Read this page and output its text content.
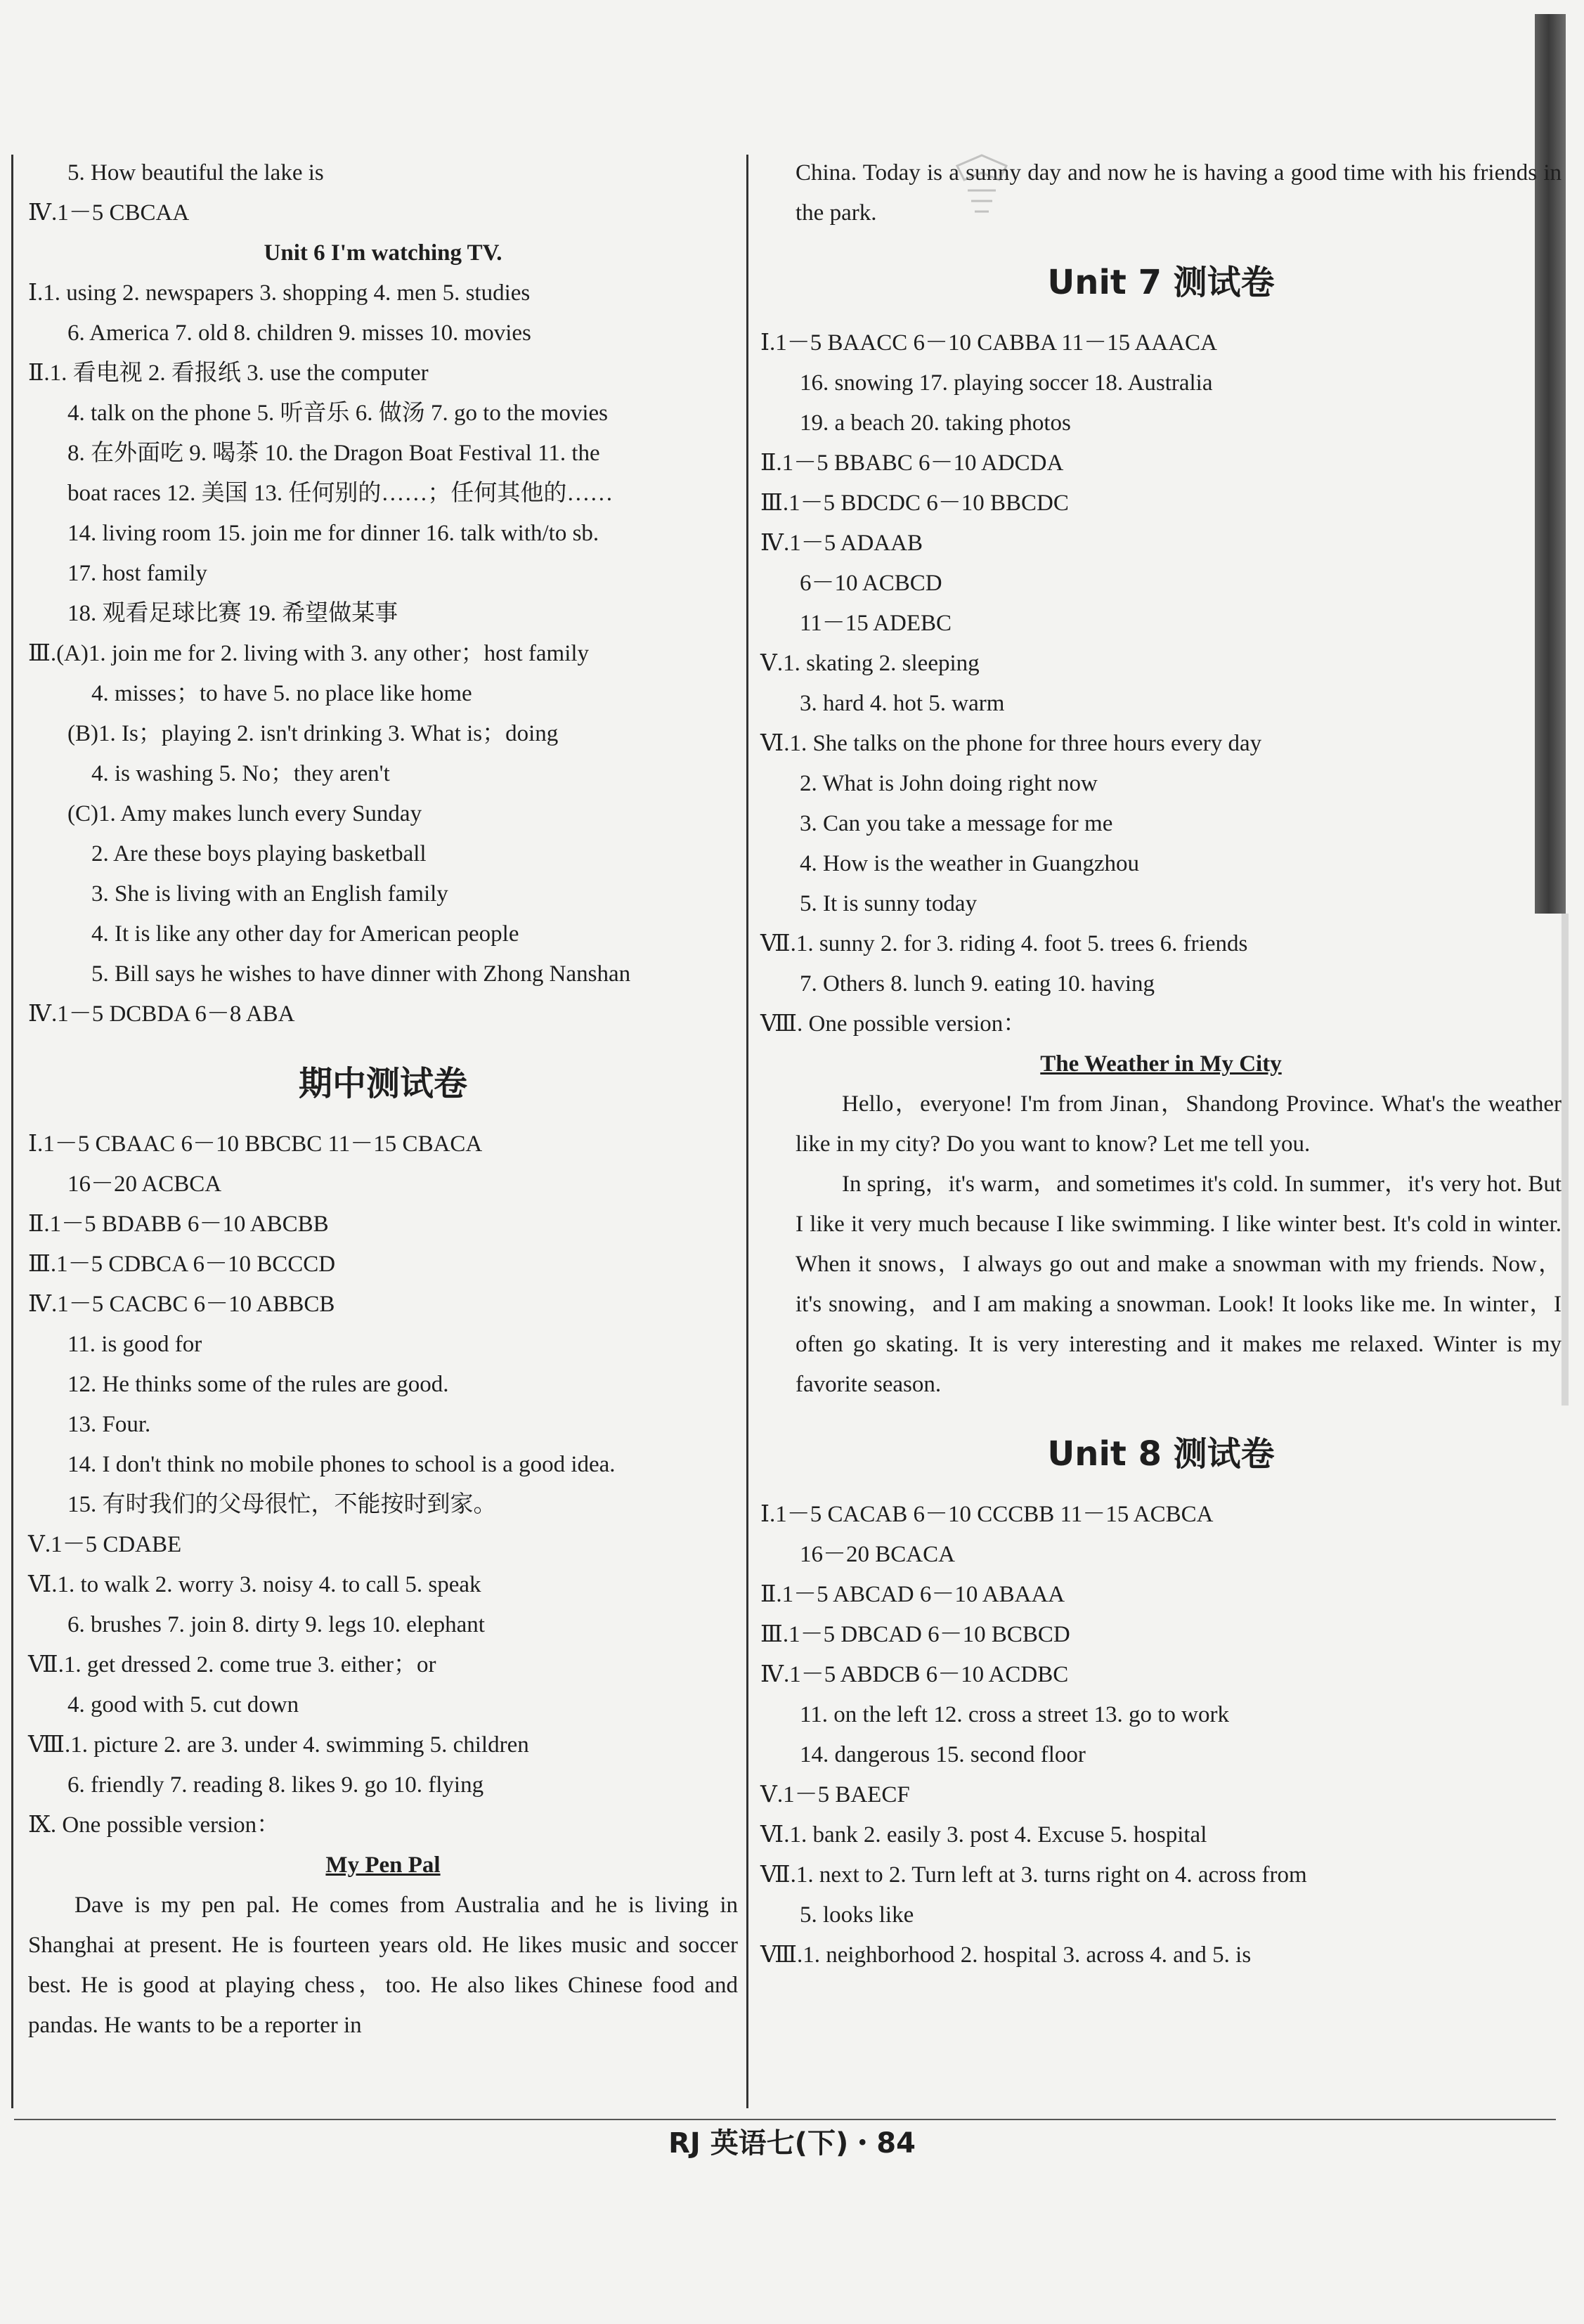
5. How beautiful the lake is
Ⅳ.1－5 CBCAA
Unit 6 I'm watching TV.
Ⅰ.1. using 2. newspapers 3. shopping 4. men 5. studies
6. America 7. old 8. children 9. misses 10. movies
Ⅱ.1. 看电视 2. 看报纸 3. use the computer
4. talk on the phone 5. 听音乐 6. 做汤 7. go to the movies
8. 在外面吃 9. 喝茶 10. the Dragon Boat Festival 11. the
boat races 12. 美国 13. 任何别的……；任何其他的……
14. living room 15. join me for dinner 16. talk with/to sb.
17. host family
18. 观看足球比赛 19. 希望做某事
Ⅲ.(A)1. join me for 2. living with 3. any other；host family
4. misses；to have 5. no place like home
(B)1. Is；playing 2. isn't drinking 3. What is；doing
4. is washing 5. No；they aren't
(C)1. Amy makes lunch every Sunday
2. Are these boys playing basketball
3. She is living with an English family
4. It is like any other day for American people
5. Bill says he wishes to have dinner with Zhong Nanshan
Ⅳ.1－5 DCBDA 6－8 ABA
期中测试卷
Ⅰ.1－5 CBAAC 6－10 BBCBC 11－15 CBACA
16－20 ACBCA
Ⅱ.1－5 BDABB 6－10 ABCBB
Ⅲ.1－5 CDBCA 6－10 BCCCD
Ⅳ.1－5 CACBC 6－10 ABBCB
11. is good for
12. He thinks some of the rules are good.
13. Four.
14. I don't think no mobile phones to school is a good idea.
15. 有时我们的父母很忙，不能按时到家。
Ⅴ.1－5 CDABE
Ⅵ.1. to walk 2. worry 3. noisy 4. to call 5. speak
6. brushes 7. join 8. dirty 9. legs 10. elephant
Ⅶ.1. get dressed 2. come true 3. either；or
4. good with 5. cut down
Ⅷ.1. picture 2. are 3. under 4. swimming 5. children
6. friendly 7. reading 8. likes 9. go 10. flying
Ⅸ. One possible version：
My Pen Pal
Dave is my pen pal. He comes from Australia and he is living in Shanghai at present. He is fourteen years old. He likes music and soccer best. He is good at playing chess，too. He also likes Chinese food and pandas. He wants to be a reporter in
China. Today is a sunny day and now he is having a good time with his friends in the park.
Unit 7 测试卷
Ⅰ.1－5 BAACC 6－10 CABBA 11－15 AAACA
16. snowing 17. playing soccer 18. Australia
19. a beach 20. taking photos
Ⅱ.1－5 BBABC 6－10 ADCDA
Ⅲ.1－5 BDCDC 6－10 BBCDC
Ⅳ.1－5 ADAAB
6－10 ACBCD
11－15 ADEBC
Ⅴ.1. skating 2. sleeping
3. hard 4. hot 5. warm
Ⅵ.1. She talks on the phone for three hours every day
2. What is John doing right now
3. Can you take a message for me
4. How is the weather in Guangzhou
5. It is sunny today
Ⅶ.1. sunny 2. for 3. riding 4. foot 5. trees 6. friends
7. Others 8. lunch 9. eating 10. having
Ⅷ. One possible version：
The Weather in My City
Hello，everyone! I'm from Jinan，Shandong Province. What's the weather like in my city? Do you want to know? Let me tell you.
In spring，it's warm，and sometimes it's cold. In summer，it's very hot. But I like it very much because I like swimming. I like winter best. It's cold in winter. When it snows，I always go out and make a snowman with my friends. Now，it's snowing，and I am making a snowman. Look! It looks like me. In winter，I often go skating. It is very interesting and it makes me relaxed. Winter is my favorite season.
Unit 8 测试卷
Ⅰ.1－5 CACAB 6－10 CCCBB 11－15 ACBCA
16－20 BCACA
Ⅱ.1－5 ABCAD 6－10 ABAAA
Ⅲ.1－5 DBCAD 6－10 BCBCD
Ⅳ.1－5 ABDCB 6－10 ACDBC
11. on the left 12. cross a street 13. go to work
14. dangerous 15. second floor
Ⅴ.1－5 BAECF
Ⅵ.1. bank 2. easily 3. post 4. Excuse 5. hospital
Ⅶ.1. next to 2. Turn left at 3. turns right on 4. across from
5. looks like
Ⅷ.1. neighborhood 2. hospital 3. across 4. and 5. is
RJ 英语七(下)・84
